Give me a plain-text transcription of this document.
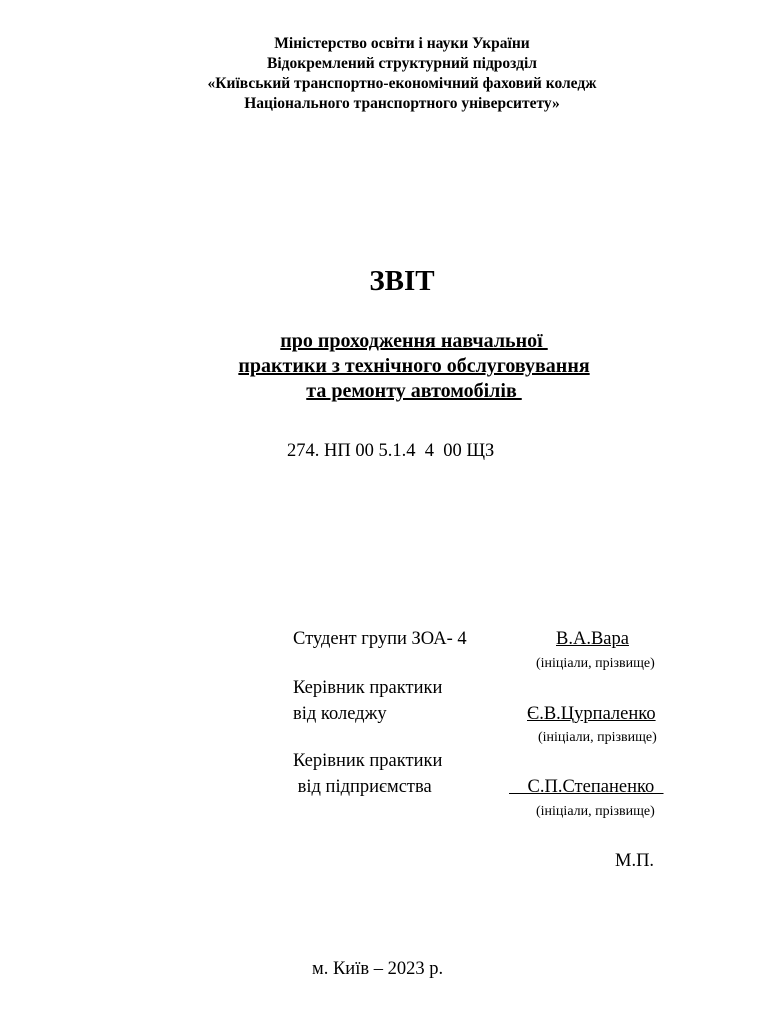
Міністерство освіти і науки України
Відокремлений структурний підрозділ
«Київський транспортно-економічний фаховий коледж
Національного транспортного університету»
ЗВІТ
про проходження навчальної
практики з технічного обслуговування
та ремонту автомобілів
274. НП 00 5.1.4  4  00 ЩЗ
Студент групи ЗОА- 4	В.А.Вара
(ініціали, прізвище)
Керівник практики
від коледжу	Є.В.Цурпаленко
(ініціали, прізвище)
Керівник практики
від підприємства	С.П.Степаненко
(ініціали, прізвище)
М.П.
м. Київ – 2023 р.
